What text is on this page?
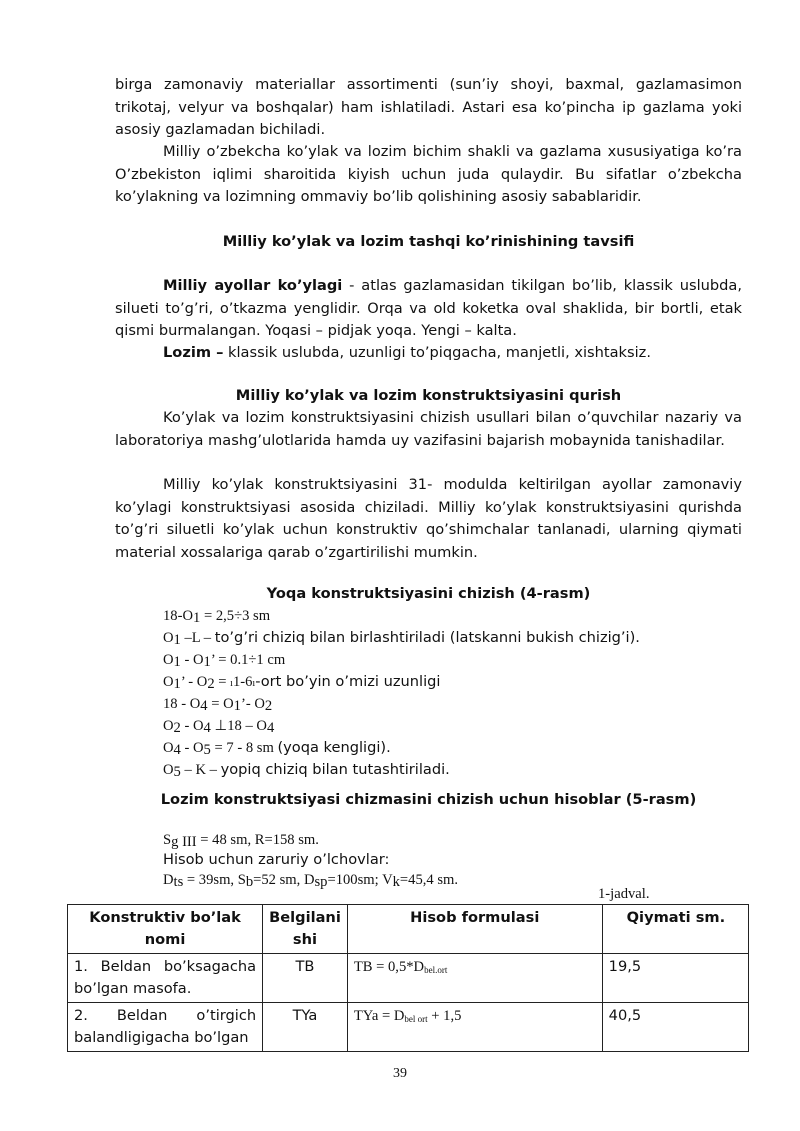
birga zamonaviy materiallar assortimenti (sun’iy shoyi, baxmal, gazlamasimon trikotaj, velyur va boshqalar) ham ishlatiladi. Astari esa ko’pincha ip gazlama yoki asosiy gazlamadan bichiladi.

Milliy o’zbekcha ko’ylak va lozim bichim shakli va gazlama xususiyatiga ko’ra O’zbekiston iqlimi sharoitida kiyish uchun juda qulaydir. Bu sifatlar o’zbekcha ko’ylakning va lozimning ommaviy bo’lib qolishining asosiy sabablaridir.

Milliy ko’ylak va lozim tashqi ko’rinishining tavsifi

Milliy ayollar ko’ylagi - atlas gazlamasidan tikilgan bo’lib, klassik uslubda, silueti to’g’ri, o’tkazma yenglidir. Orqa va old koketka oval shaklida, bir bortli, etak qismi burmalangan. Yoqasi – pidjak yoqa. Yengi – kalta.

Lozim – klassik uslubda, uzunligi to’piqgacha, manjetli, xishtaksiz.

Milliy ko’ylak va lozim konstruktsiyasini qurish

Ko’ylak va lozim konstruktsiyasini chizish usullari bilan o’quvchilar nazariy va laboratoriya mashg’ulotlarida hamda uy vazifasini bajarish mobaynida tanishadilar.

Milliy ko’ylak konstruktsiyasini 31- modulda keltirilgan ayollar zamonaviy ko’ylagi konstruktsiyasi asosida chiziladi. Milliy ko’ylak konstruktsiyasini qurishda to’g’ri siluetli ko’ylak uchun konstruktiv qo’shimchalar tanlanadi, ularning qiymati material xossalariga qarab o’zgartirilishi mumkin.

Yoqa konstruktsiyasini chizish (4-rasm)

$18-O_1 = 2,5\div 3$ sm
$O_1$ –L – to’g’ri chiziq bilan birlashtiriladi (latskanni bukish chizig’i).
$O_1 - O_1$’ = 0.1÷1 cm
$O_1$’ - $O_2$ = ı1-6ı-ort bo’yin o’mizi uzunligi
$18 - O_4$ = $O_1’-$ $O_2$
$O_2 - O_4$ ⊥18 – $O_4$
$O_4 - O_5 = 7 - 8$ sm (yoqa kengligi).
$O_5$ – K – yopiq chiziq bilan tutashtiriladi.

Lozim konstruktsiyasi chizmasini chizish uchun hisoblar (5-rasm)

$S_{g III} = 48$ sm, R=158 sm.
Hisob uchun zaruriy o’lchovlar:
$D_{ts} = 39sm$, $S_b=52$ sm, $D_{sp}=100sm$; $V_k=45,4$ sm.
1-jadval.
Konstruktiv bo’lak nomi	Belgilani shi	Hisob formulasi	Qiymati sm.
1. Beldan bo’ksagacha bo’lgan masofa.	TB	TB = $0,5*D_{bel.ort}$	19,5
2. Beldan o’tirgich balandligigacha bo’lgan	TYa	TYa = $D_{bel ort} + 1,5$	40,5
39
